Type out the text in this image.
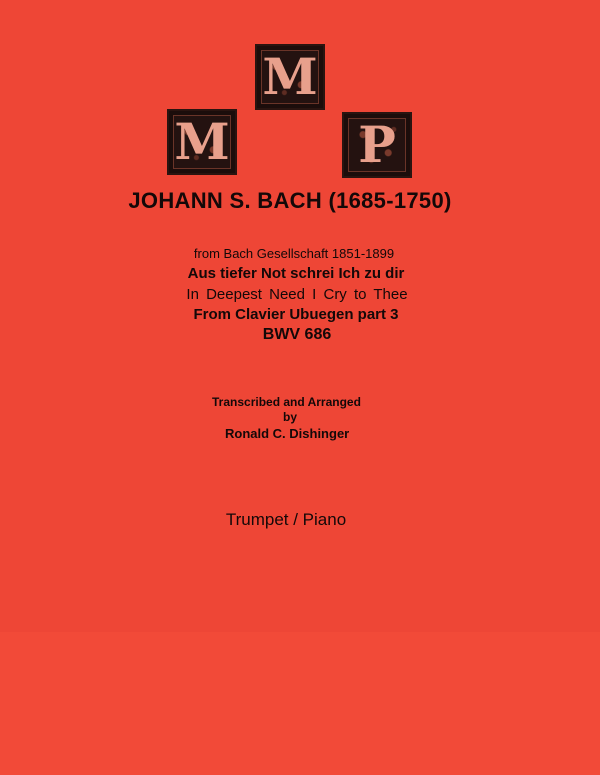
M
M	P
JOHANN S. BACH (1685-1750)
from Bach Gesellschaft 1851-1899
Aus tiefer Not schrei Ich zu dir
In Deepest Need I Cry to Thee
From Clavier Ubuegen part 3
BWV 686
Transcribed and Arranged
by
Ronald C. Dishinger
Trumpet / Piano
